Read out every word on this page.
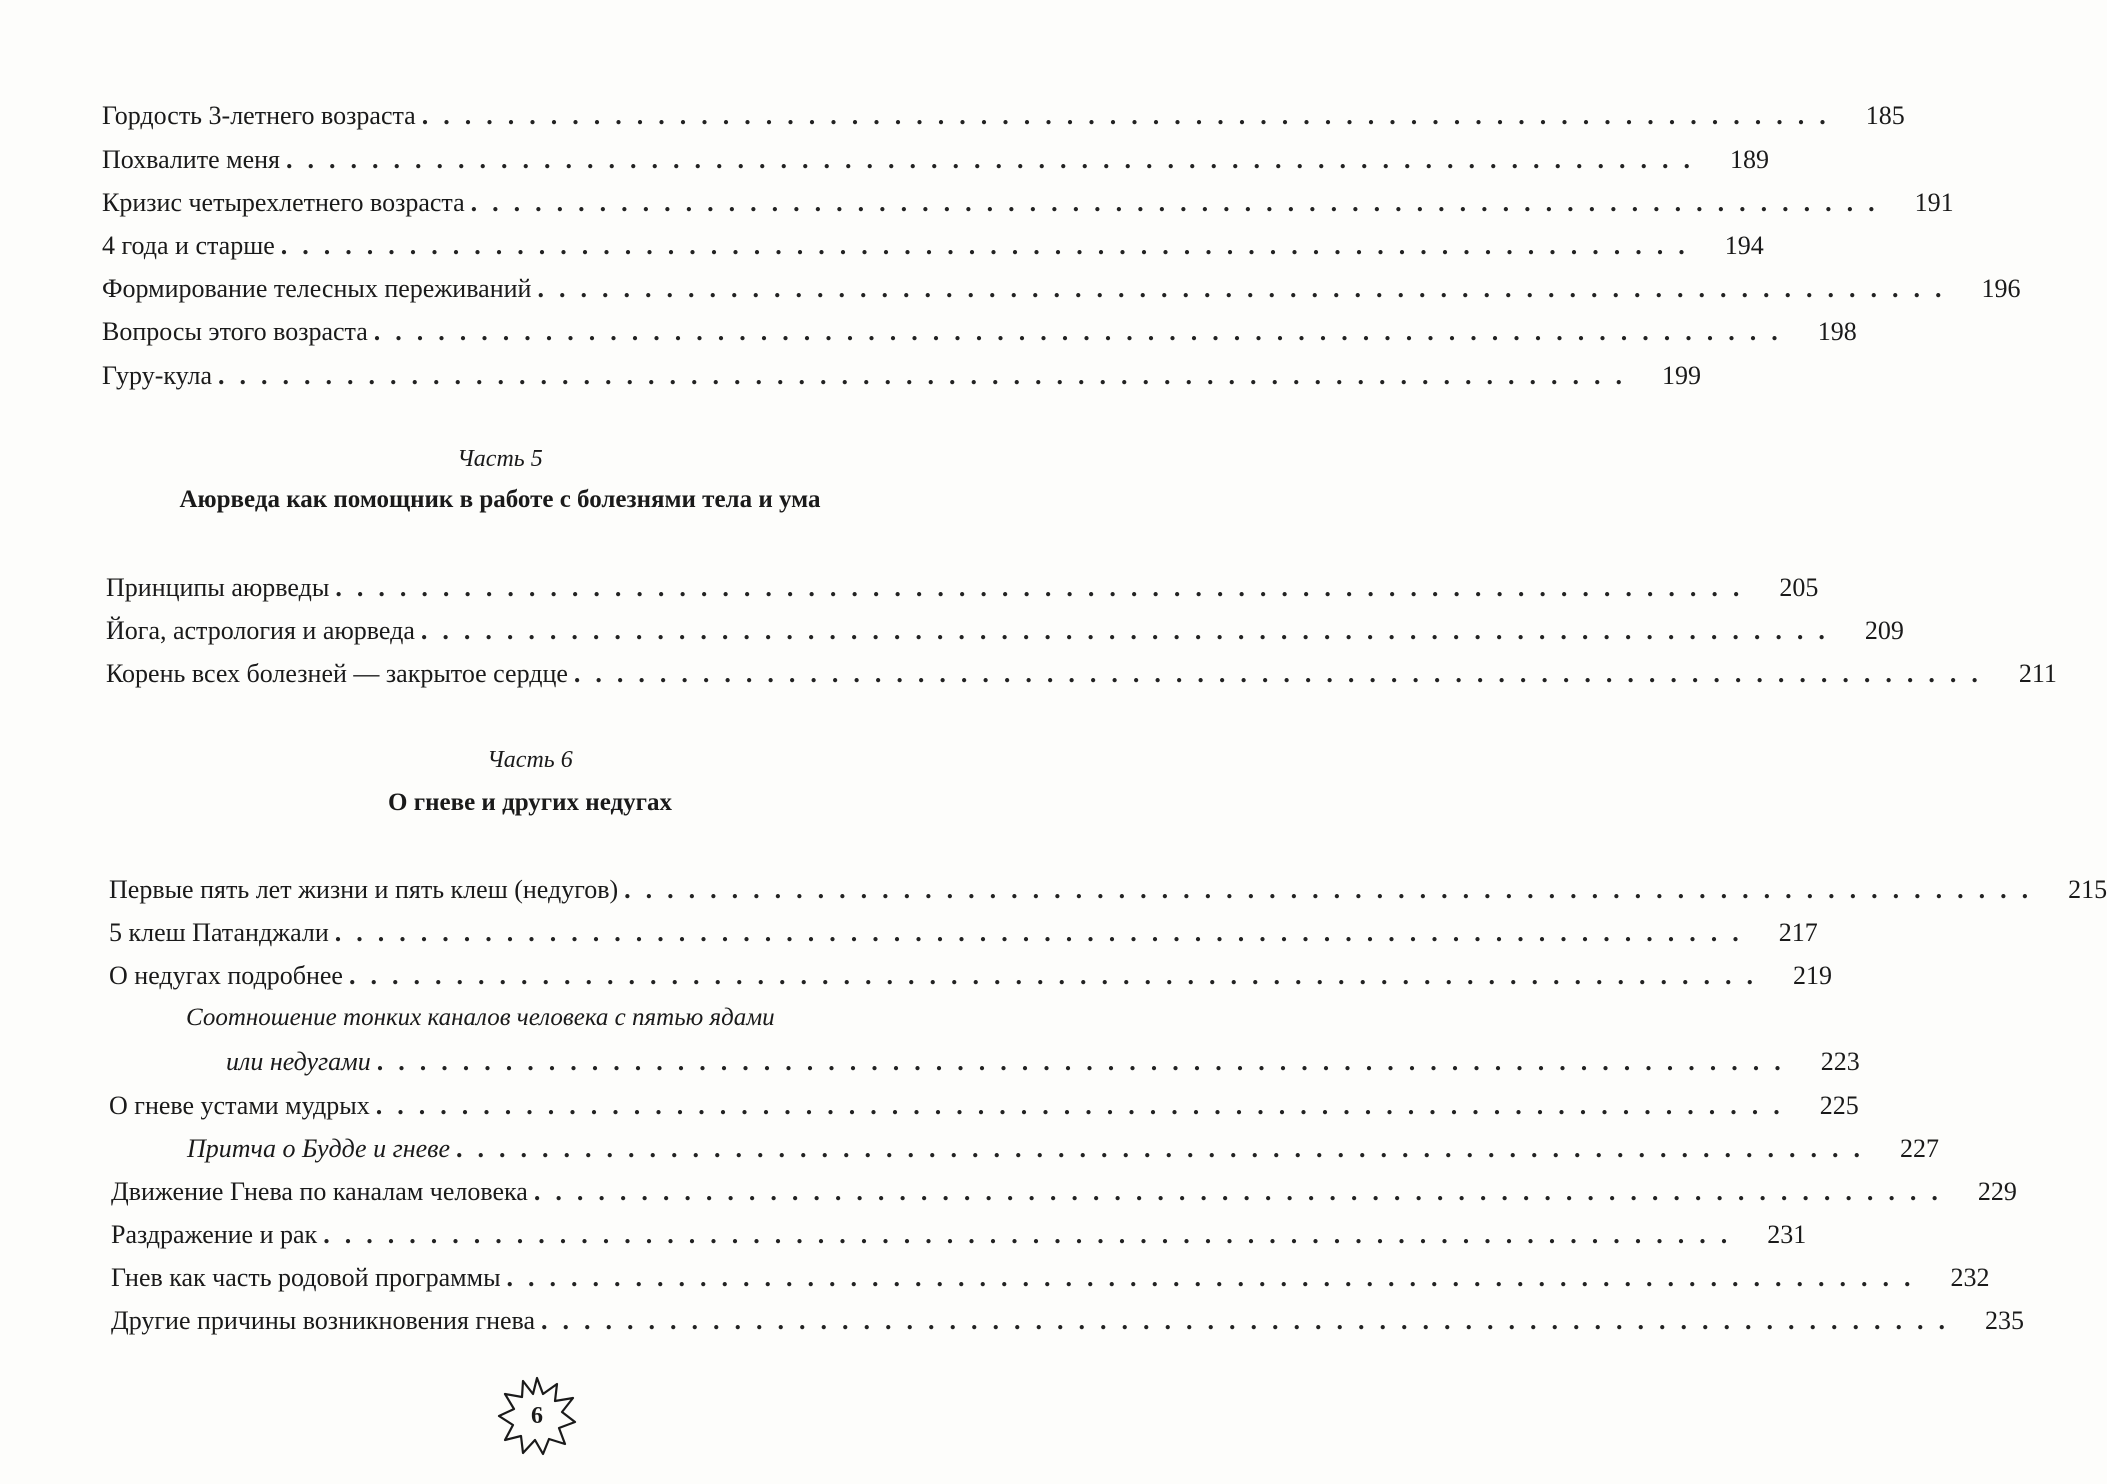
Гордость 3-летнего возраста .................................................................. 185
Похвалите меня .................................................................. 189
Кризис четырехлетнего возраста .................................................................. 191
4 года и старше .................................................................. 194
Формирование телесных переживаний .................................................................. 196
Вопросы этого возраста .................................................................. 198
Гуру-кула .................................................................. 199
Часть 5
Аюрведа как помощник в работе с болезнями тела и ума
Принципы аюрведы .................................................................. 205
Йога, астрология и аюрведа .................................................................. 209
Корень всех болезней — закрытое сердце .................................................................. 211
Часть 6
О гневе и других недугах
Первые пять лет жизни и пять клеш (недугов) .................................................................. 215
5 клеш Патанджали .................................................................. 217
О недугах подробнее .................................................................. 219
Соотношение тонких каналов человека с пятью ядами
или недугами .................................................................. 223
О гневе устами мудрых .................................................................. 225
Притча о Будде и гневе .................................................................. 227
Движение Гнева по каналам человека .................................................................. 229
Раздражение и рак .................................................................. 231
Гнев как часть родовой программы .................................................................. 232
Другие причины возникновения гнева .................................................................. 235
6
